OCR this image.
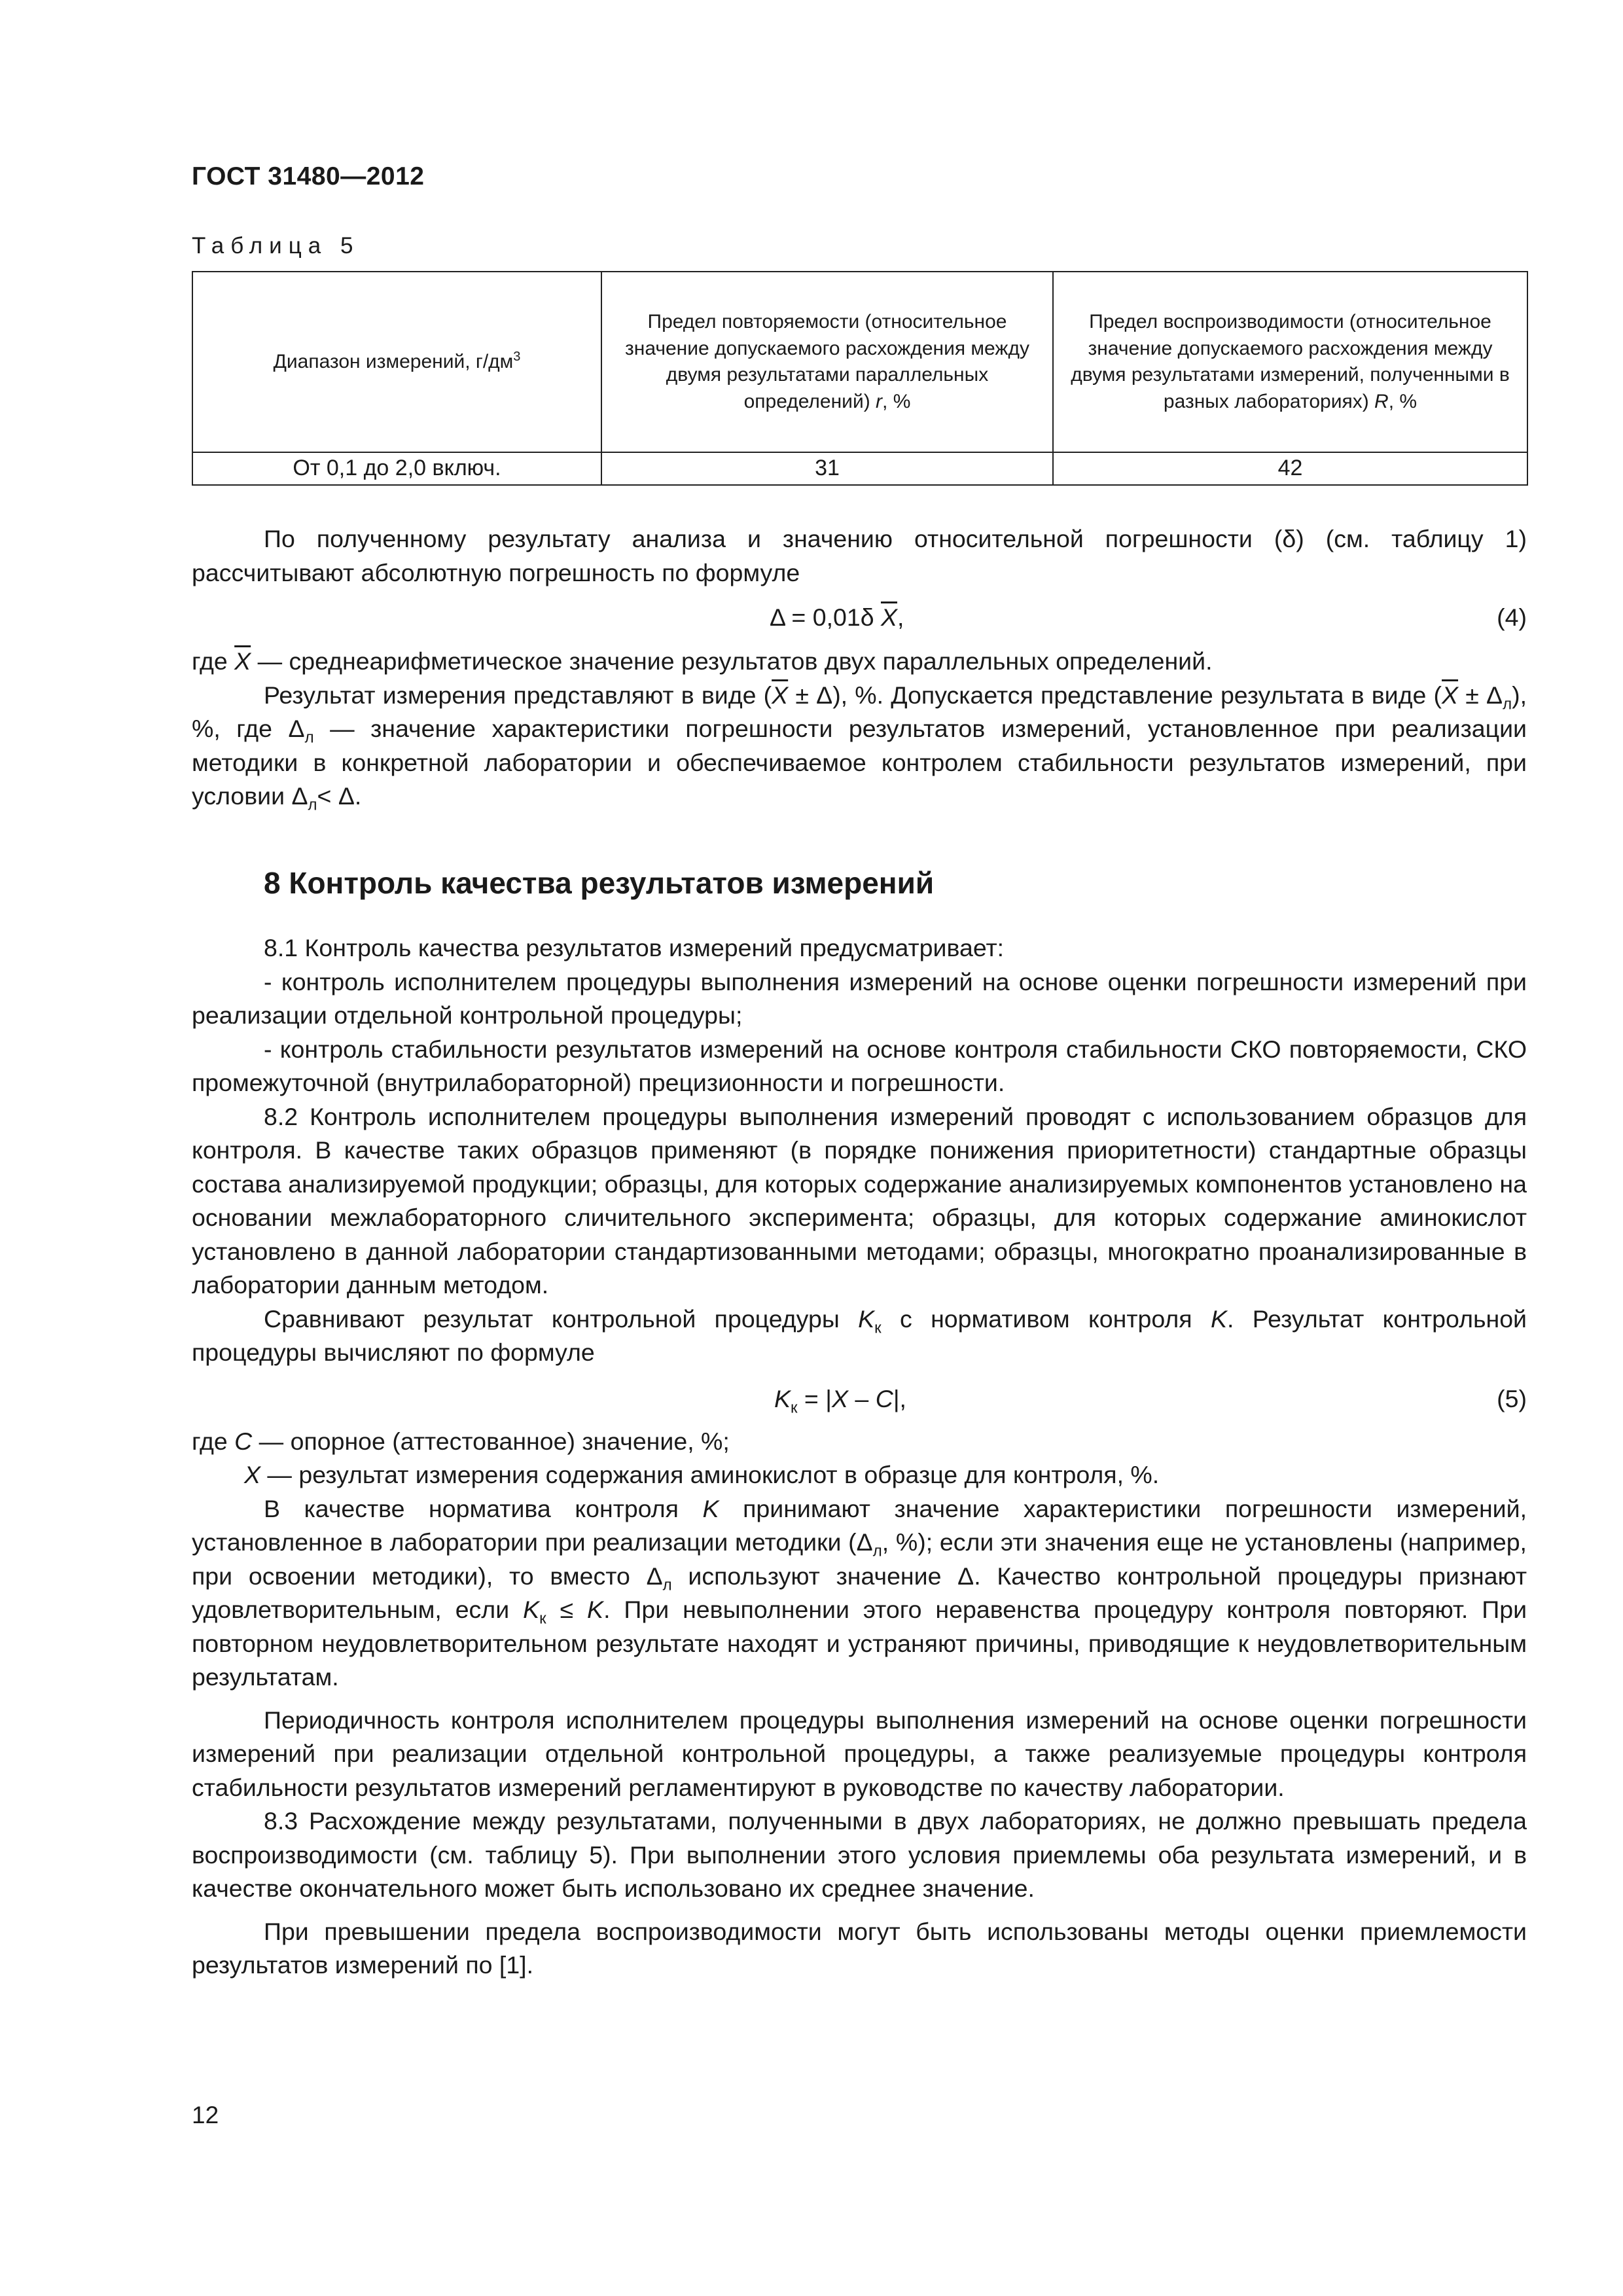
ГОСТ 31480—2012
Таблица 5
Диапазон измерений, $г/дм^3$	Предел повторяемости (относительное значение допускаемого расхождения между двумя результатами параллельных определений) r, %	Предел воспроизводимости (относительное значение допускаемого расхождения между двумя результатами измерений, полученными в разных лабораториях) R, %
От 0,1 до 2,0 включ.	31	42

По полученному результату анализа и значению относительной погрешности (δ) (см. таблицу 1) рассчитывают абсолютную погрешность по формуле

Δ = 0,01δ $\overline{X}$,	(4)

где $\overline{X}$ — среднеарифметическое значение результатов двух параллельных определений.

Результат измерения представляют в виде $(\overline{X} \pm \Delta)$, %. Допускается представление результата в виде $(\overline{X} \pm \Delta_л)$, %, где $\Delta_л$ — значение характеристики погрешности результатов измерений, установленное при реализации методики в конкретной лаборатории и обеспечиваемое контролем стабильности результатов измерений, при условии $\Delta_л< \Delta$.

8 Контроль качества результатов измерений

8.1 Контроль качества результатов измерений предусматривает:

- контроль исполнителем процедуры выполнения измерений на основе оценки погрешности измерений при реализации отдельной контрольной процедуры;

- контроль стабильности результатов измерений на основе контроля стабильности СКО повторяемости, СКО промежуточной (внутрилабораторной) прецизионности и погрешности.

8.2 Контроль исполнителем процедуры выполнения измерений проводят с использованием образцов для контроля. В качестве таких образцов применяют (в порядке понижения приоритетности) стандартные образцы состава анализируемой продукции; образцы, для которых содержание анализируемых компонентов установлено на основании межлабораторного сличительного эксперимента; образцы, для которых содержание аминокислот установлено в данной лаборатории стандартизованными методами; образцы, многократно проанализированные в лаборатории данным методом.

Сравнивают результат контрольной процедуры $K_к$ с нормативом контроля K. Результат контрольной процедуры вычисляют по формуле

$K_к = |X - C|$,	(5)

где C — опорное (аттестованное) значение, %;

X — результат измерения содержания аминокислот в образце для контроля, %.

В качестве норматива контроля K принимают значение характеристики погрешности измерений, установленное в лаборатории при реализации методики ($\Delta_л$, %); если эти значения еще не установлены (например, при освоении методики), то вместо $\Delta_л$ используют значение Δ. Качество контрольной процедуры признают удовлетворительным, если $K_к \le K$. При невыполнении этого неравенства процедуру контроля повторяют. При повторном неудовлетворительном результате находят и устраняют причины, приводящие к неудовлетворительным результатам.

Периодичность контроля исполнителем процедуры выполнения измерений на основе оценки погрешности измерений при реализации отдельной контрольной процедуры, а также реализуемые процедуры контроля стабильности результатов измерений регламентируют в руководстве по качеству лаборатории.

8.3 Расхождение между результатами, полученными в двух лабораториях, не должно превышать предела воспроизводимости (см. таблицу 5). При выполнении этого условия приемлемы оба результата измерений, и в качестве окончательного может быть использовано их среднее значение.

При превышении предела воспроизводимости могут быть использованы методы оценки приемлемости результатов измерений по [1].

12
